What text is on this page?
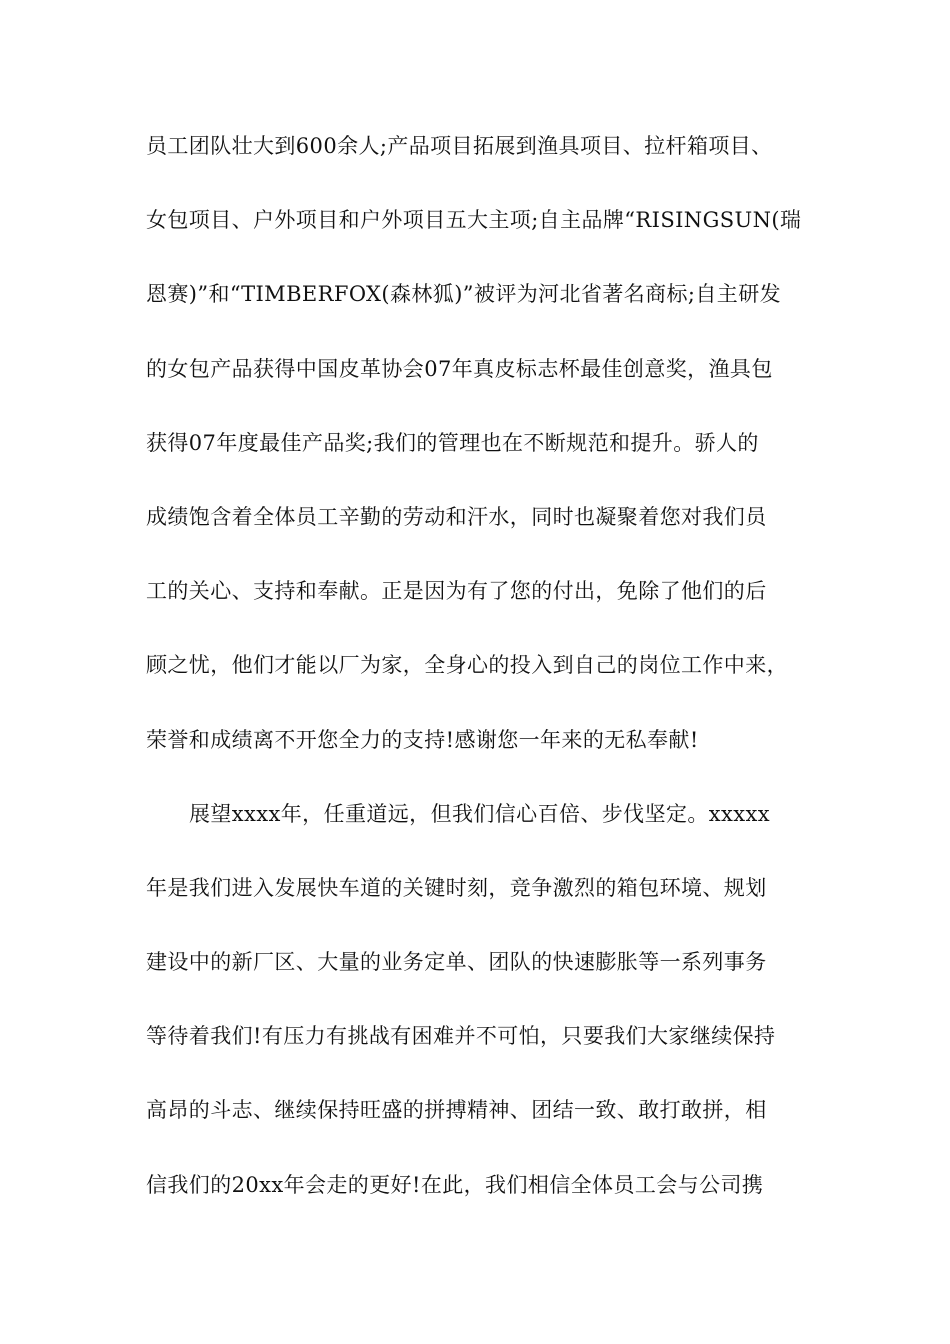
员工团队壮大到600余人;产品项目拓展到渔具项目、拉杆箱项目、
女包项目、户外项目和户外项目五大主项;自主品牌“RISINGSUN(瑞
恩赛)”和“TIMBERFOX(森林狐)”被评为河北省著名商标;自主研发
的女包产品获得中国皮革协会07年真皮标志杯最佳创意奖，渔具包
获得07年度最佳产品奖;我们的管理也在不断规范和提升。骄人的
成绩饱含着全体员工辛勤的劳动和汗水，同时也凝聚着您对我们员
工的关心、支持和奉献。正是因为有了您的付出，免除了他们的后
顾之忧，他们才能以厂为家，全身心的投入到自己的岗位工作中来，
荣誉和成绩离不开您全力的支持!感谢您一年来的无私奉献!
展望xxxx年，任重道远，但我们信心百倍、步伐坚定。xxxxx
年是我们进入发展快车道的关键时刻，竞争激烈的箱包环境、规划
建设中的新厂区、大量的业务定单、团队的快速膨胀等一系列事务
等待着我们!有压力有挑战有困难并不可怕，只要我们大家继续保持
高昂的斗志、继续保持旺盛的拼搏精神、团结一致、敢打敢拼，相
信我们的20xx年会走的更好!在此，我们相信全体员工会与公司携
